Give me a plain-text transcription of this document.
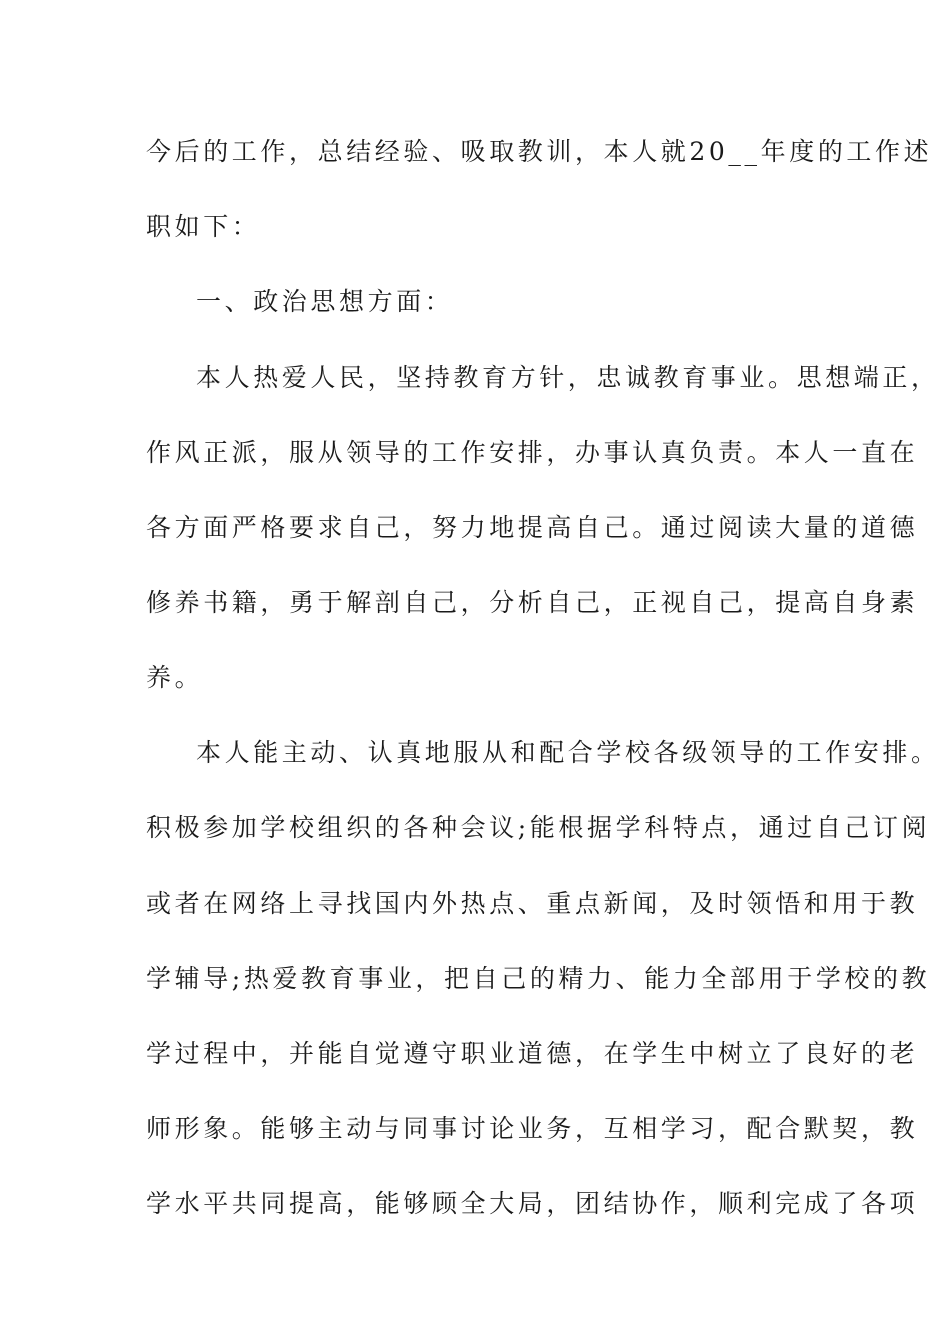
今后的工作，总结经验、吸取教训，本人就20__年度的工作述
职如下：
一、政治思想方面：
本人热爱人民，坚持教育方针，忠诚教育事业。思想端正，
作风正派，服从领导的工作安排，办事认真负责。本人一直在
各方面严格要求自己，努力地提高自己。通过阅读大量的道德
修养书籍，勇于解剖自己，分析自己，正视自己，提高自身素
养。
本人能主动、认真地服从和配合学校各级领导的工作安排。
积极参加学校组织的各种会议;能根据学科特点，通过自己订阅
或者在网络上寻找国内外热点、重点新闻，及时领悟和用于教
学辅导;热爱教育事业，把自己的精力、能力全部用于学校的教
学过程中，并能自觉遵守职业道德，在学生中树立了良好的老
师形象。能够主动与同事讨论业务，互相学习，配合默契，教
学水平共同提高，能够顾全大局，团结协作，顺利完成了各项
